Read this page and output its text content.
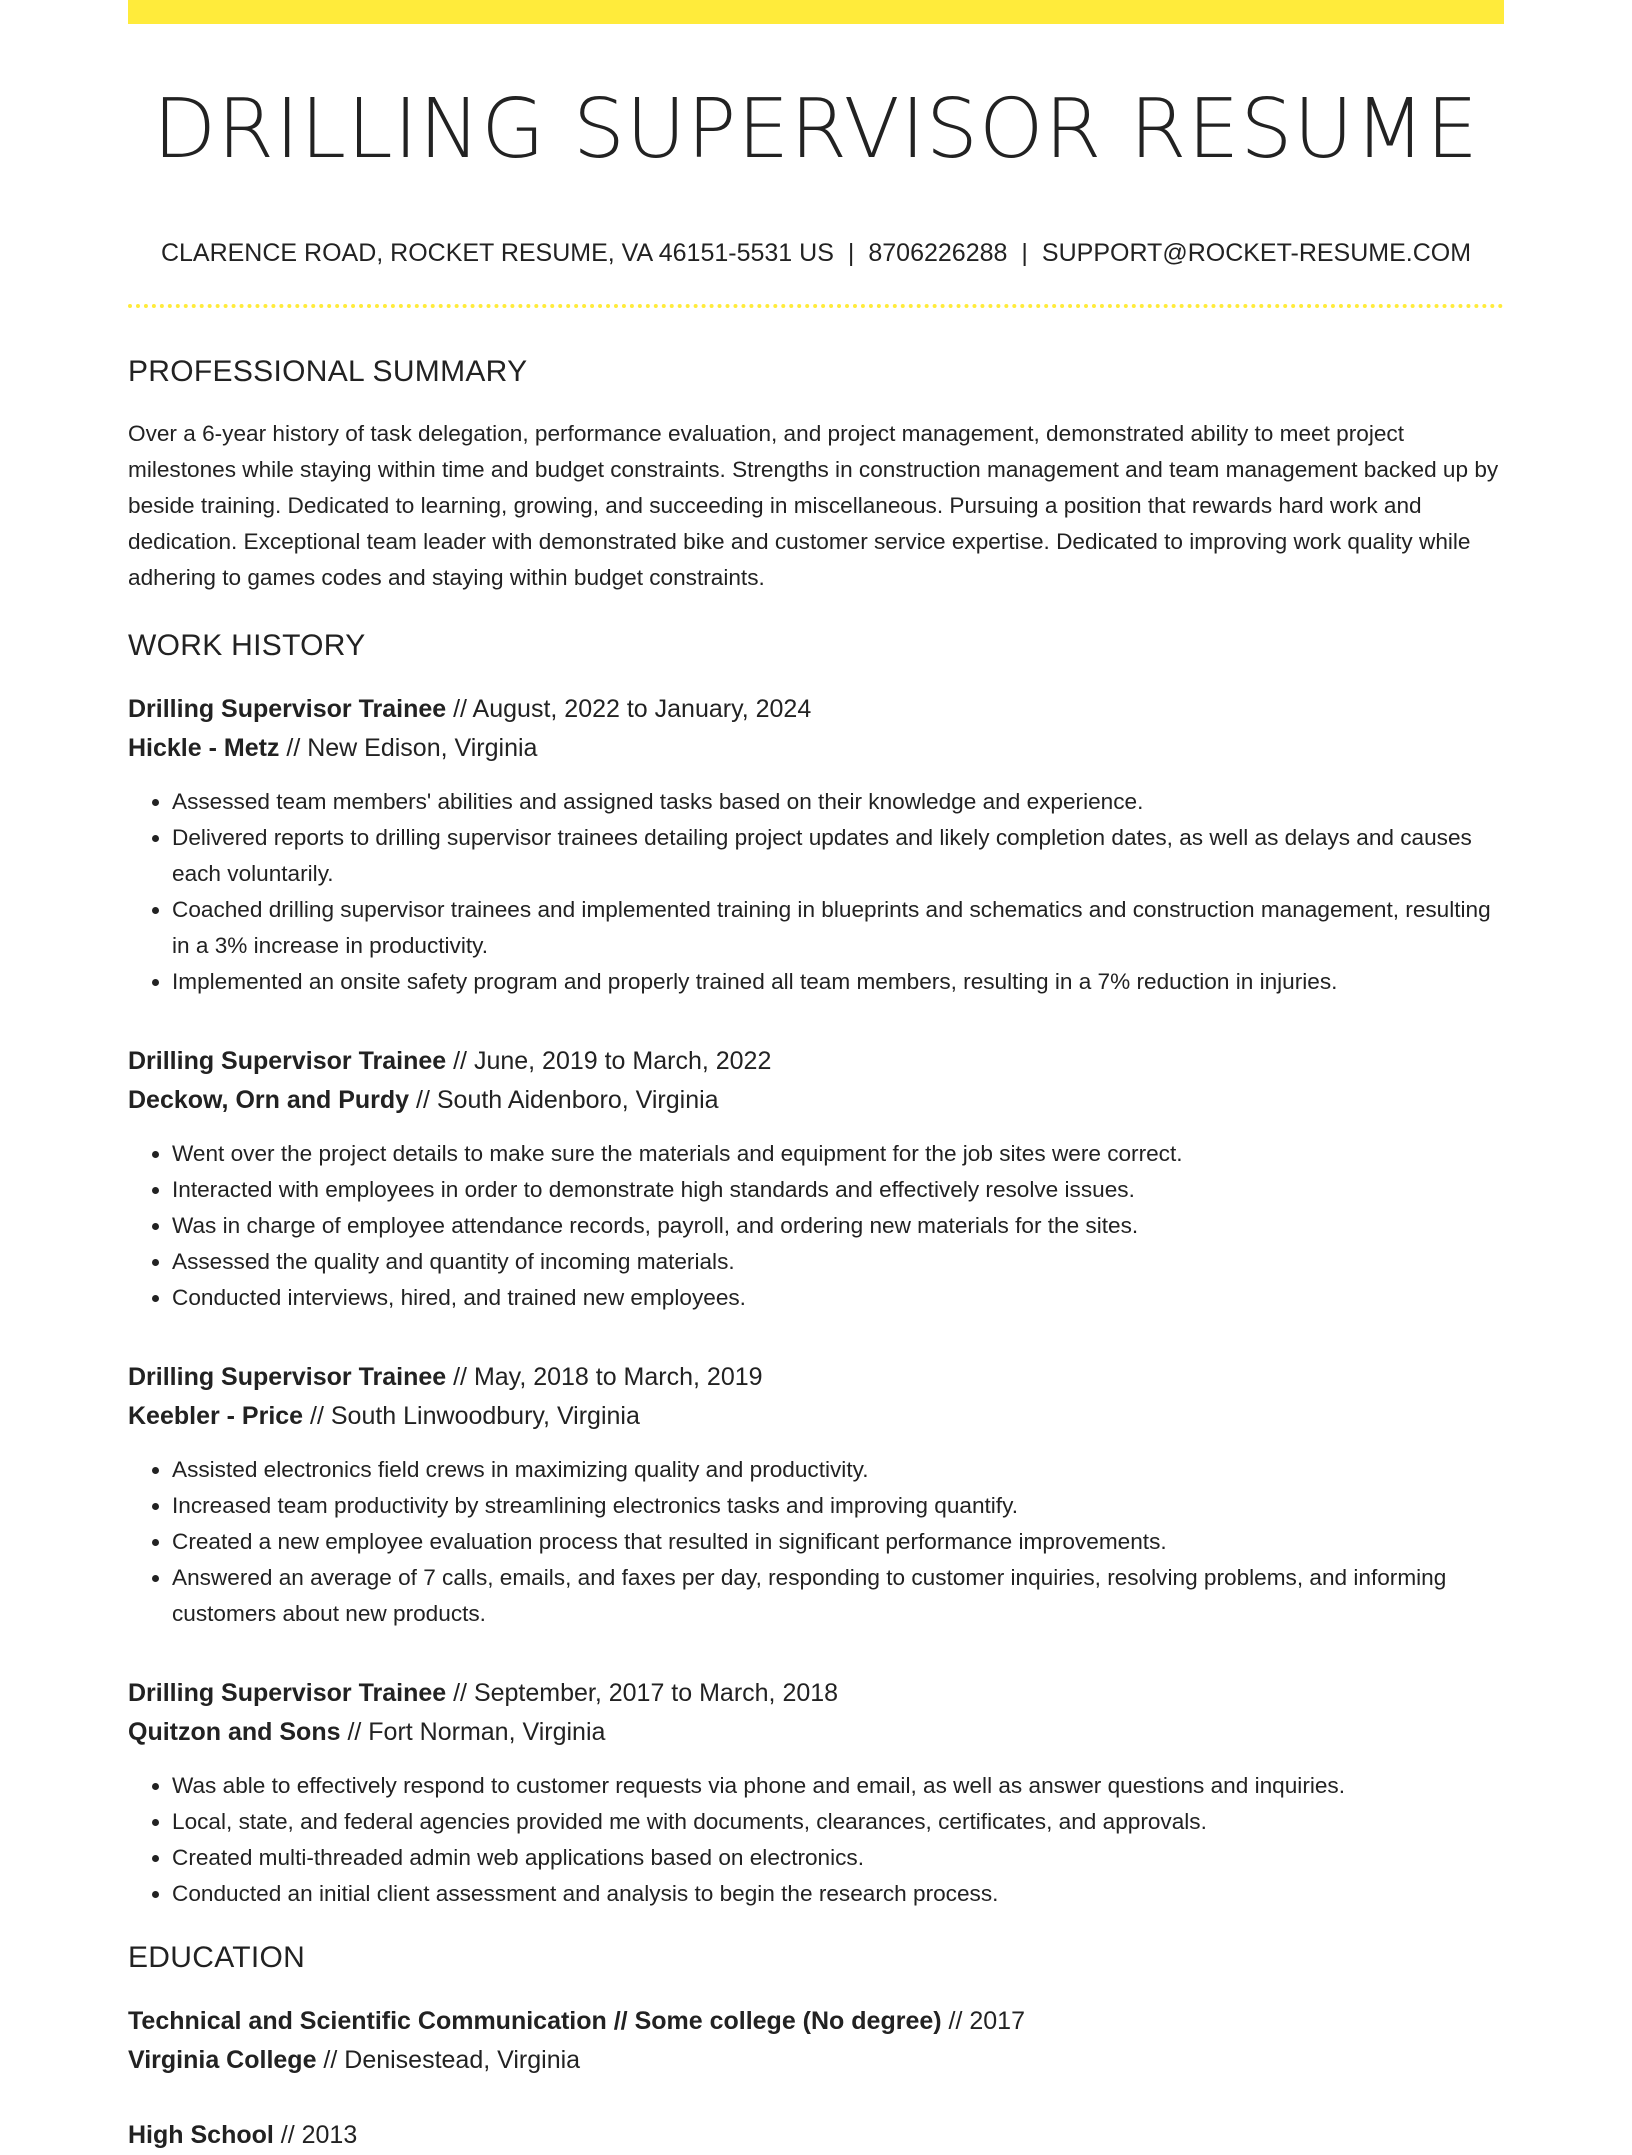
DRILLING SUPERVISOR RESUME
CLARENCE ROAD, ROCKET RESUME, VA 46151-5531 US | 8706226288 | SUPPORT@ROCKET-RESUME.COM
PROFESSIONAL SUMMARY

Over a 6-year history of task delegation, performance evaluation, and project management, demonstrated ability to meet project milestones while staying within time and budget constraints. Strengths in construction management and team management backed up by beside training. Dedicated to learning, growing, and succeeding in miscellaneous. Pursuing a position that rewards hard work and dedication. Exceptional team leader with demonstrated bike and customer service expertise. Dedicated to improving work quality while adhering to games codes and staying within budget constraints.

WORK HISTORY
Drilling Supervisor Trainee // August, 2022 to January, 2024
Hickle - Metz // New Edison, Virginia
• Assessed team members' abilities and assigned tasks based on their knowledge and experience.
• Delivered reports to drilling supervisor trainees detailing project updates and likely completion dates, as well as delays and causes each voluntarily.
• Coached drilling supervisor trainees and implemented training in blueprints and schematics and construction management, resulting in a 3% increase in productivity.
• Implemented an onsite safety program and properly trained all team members, resulting in a 7% reduction in injuries.
Drilling Supervisor Trainee // June, 2019 to March, 2022
Deckow, Orn and Purdy // South Aidenboro, Virginia
• Went over the project details to make sure the materials and equipment for the job sites were correct.
• Interacted with employees in order to demonstrate high standards and effectively resolve issues.
• Was in charge of employee attendance records, payroll, and ordering new materials for the sites.
• Assessed the quality and quantity of incoming materials.
• Conducted interviews, hired, and trained new employees.
Drilling Supervisor Trainee // May, 2018 to March, 2019
Keebler - Price // South Linwoodbury, Virginia
• Assisted electronics field crews in maximizing quality and productivity.
• Increased team productivity by streamlining electronics tasks and improving quantify.
• Created a new employee evaluation process that resulted in significant performance improvements.
• Answered an average of 7 calls, emails, and faxes per day, responding to customer inquiries, resolving problems, and informing customers about new products.
Drilling Supervisor Trainee // September, 2017 to March, 2018
Quitzon and Sons // Fort Norman, Virginia
• Was able to effectively respond to customer requests via phone and email, as well as answer questions and inquiries.
• Local, state, and federal agencies provided me with documents, clearances, certificates, and approvals.
• Created multi-threaded admin web applications based on electronics.
• Conducted an initial client assessment and analysis to begin the research process.
EDUCATION
Technical and Scientific Communication // Some college (No degree) // 2017
Virginia College // Denisestead, Virginia
High School // 2013
